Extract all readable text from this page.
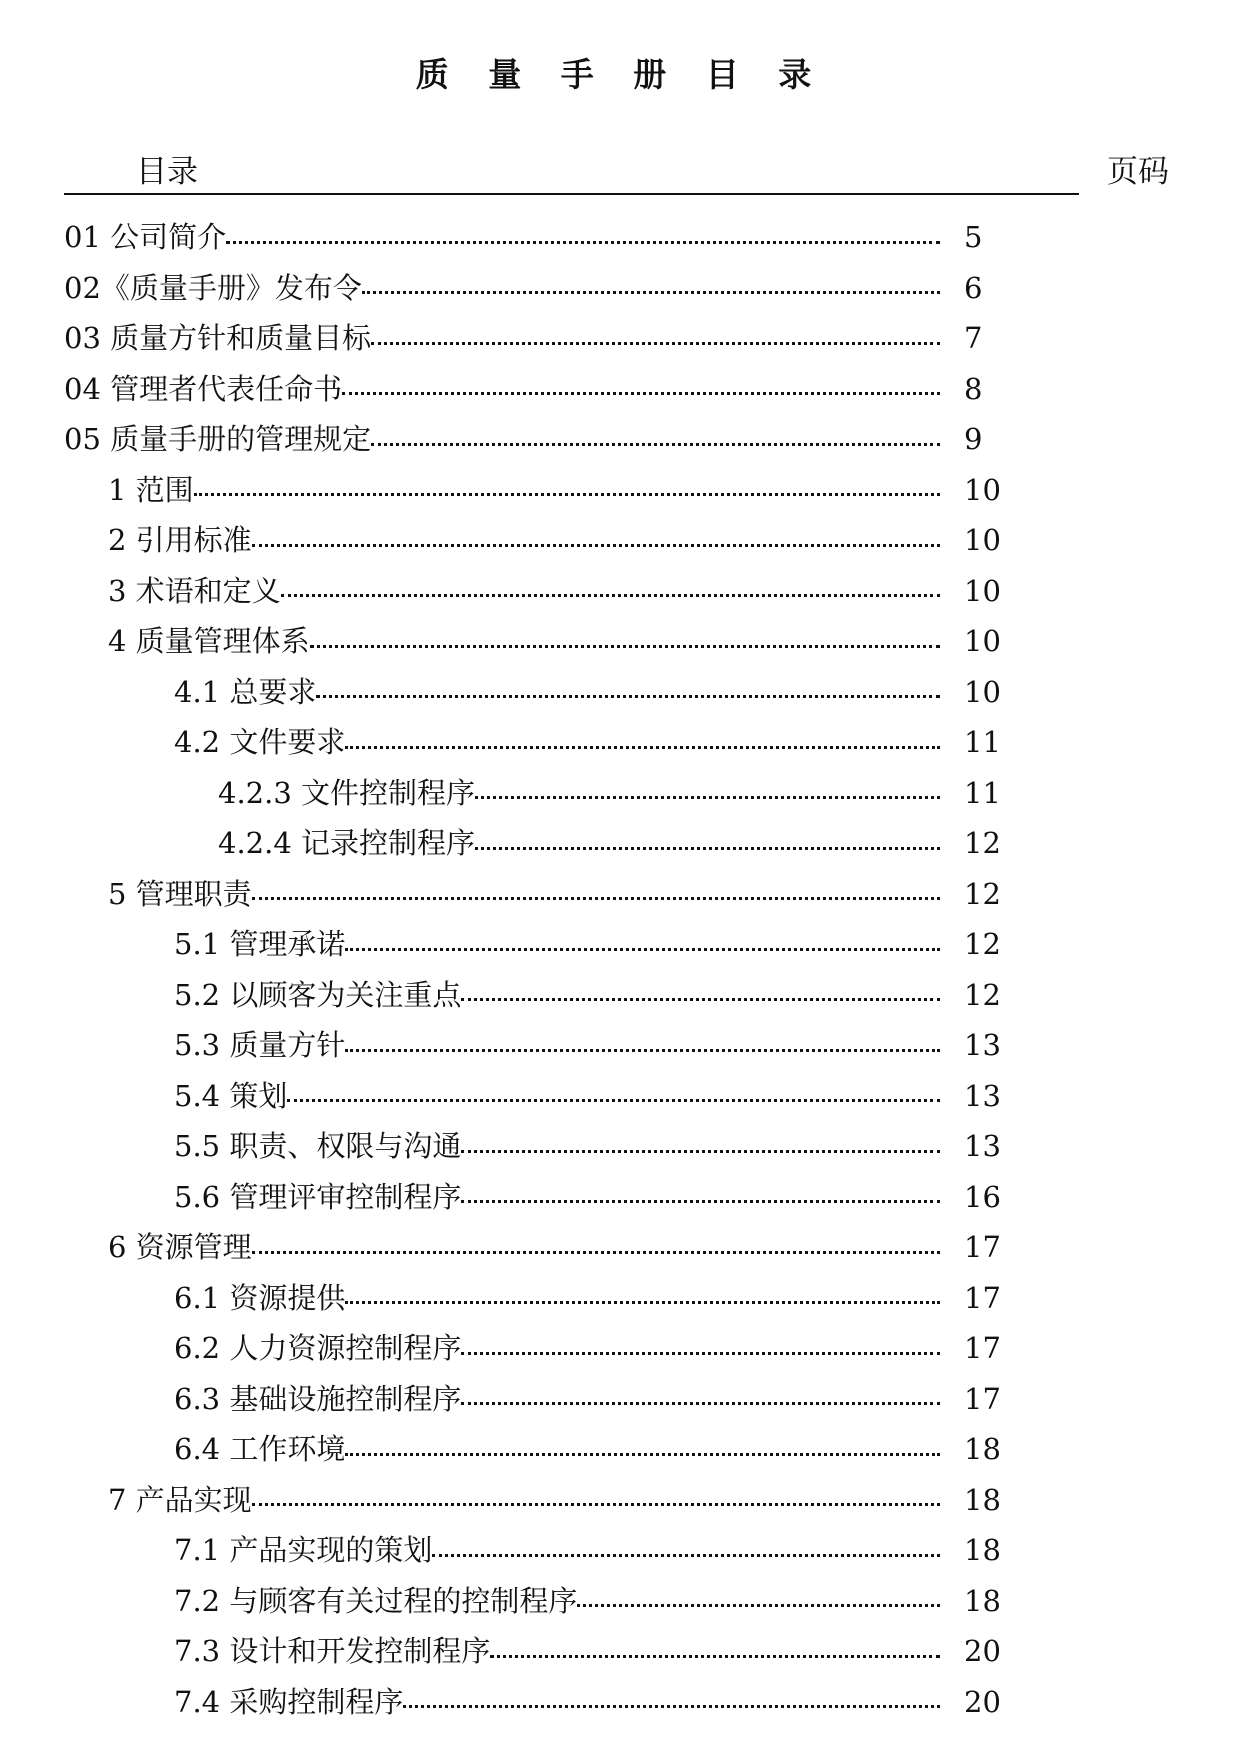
质 量 手 册 目 录
目录	页码
01 公司简介	5
02《质量手册》发布令	6
03 质量方针和质量目标	7
04 管理者代表任命书	8
05 质量手册的管理规定	9
1 范围	10
2 引用标准	10
3 术语和定义	10
4 质量管理体系	10
4.1 总要求	10
4.2 文件要求	11
4.2.3 文件控制程序	11
4.2.4 记录控制程序	12
5 管理职责	12
5.1 管理承诺	12
5.2 以顾客为关注重点	12
5.3 质量方针	13
5.4 策划	13
5.5 职责、权限与沟通	13
5.6 管理评审控制程序	16
6 资源管理	17
6.1 资源提供	17
6.2 人力资源控制程序	17
6.3 基础设施控制程序	17
6.4 工作环境	18
7 产品实现	18
7.1 产品实现的策划	18
7.2 与顾客有关过程的控制程序	18
7.3 设计和开发控制程序	20
7.4 采购控制程序	20
